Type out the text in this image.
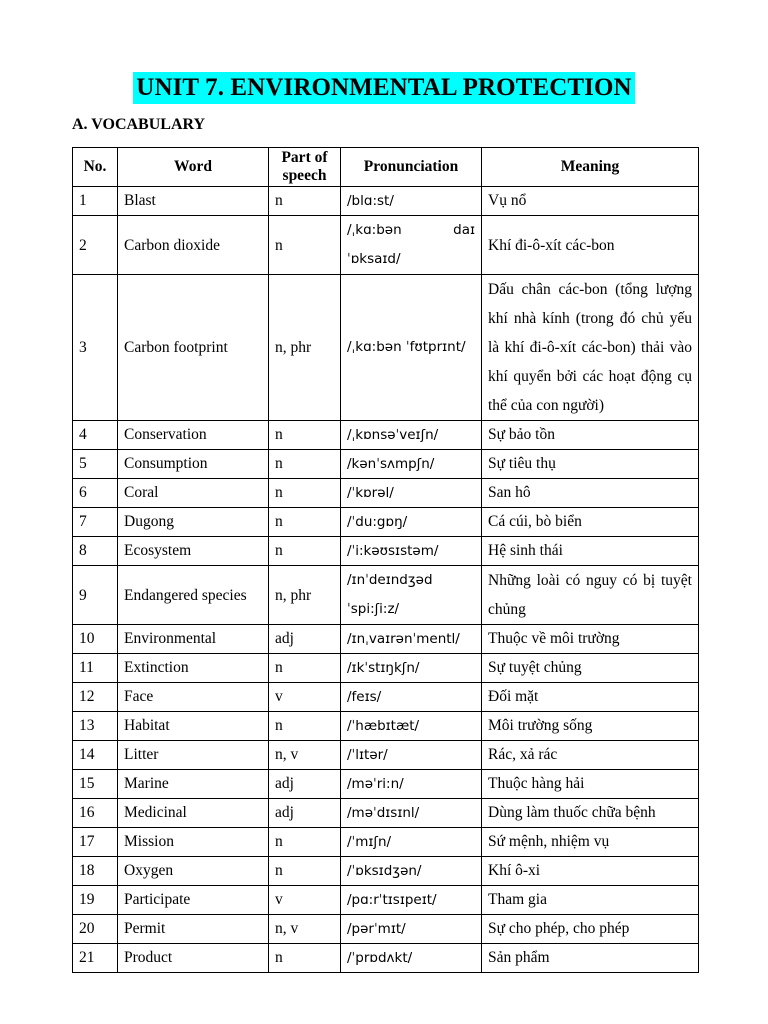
UNIT 7. ENVIRONMENTAL PROTECTION
A. VOCABULARY
No.	Word	Part of speech	Pronunciation	Meaning
1	Blast	n	/blɑ:st/	Vụ nổ
2	Carbon dioxide	n	/ˌkɑ:bən daɪ ˈɒksaɪd/	Khí đi-ô-xít các-bon
3	Carbon footprint	n, phr	/ˌkɑ:bən ˈfʊtprɪnt/	Dấu chân các-bon (tổng lượng khí nhà kính (trong đó chủ yếu là khí đi-ô-xít các-bon) thải vào khí quyển bởi các hoạt động cụ thể của con người)
4	Conservation	n	/ˌkɒnsəˈveɪʃn/	Sự bảo tồn
5	Consumption	n	/kənˈsʌmpʃn/	Sự tiêu thụ
6	Coral	n	/ˈkɒrəl/	San hô
7	Dugong	n	/ˈdu:gɒŋ/	Cá cúi, bò biển
8	Ecosystem	n	/ˈi:kəʊsɪstəm/	Hệ sinh thái
9	Endangered species	n, phr	/ɪnˈdeɪndʒəd ˈspi:ʃi:z/	Những loài có nguy có bị tuyệt chủng
10	Environmental	adj	/ɪnˌvaɪrənˈmentl/	Thuộc về môi trường
11	Extinction	n	/ɪkˈstɪŋkʃn/	Sự tuyệt chủng
12	Face	v	/feɪs/	Đối mặt
13	Habitat	n	/ˈhæbɪtæt/	Môi trường sống
14	Litter	n, v	/ˈlɪtər/	Rác, xả rác
15	Marine	adj	/məˈri:n/	Thuộc hàng hải
16	Medicinal	adj	/məˈdɪsɪnl/	Dùng làm thuốc chữa bệnh
17	Mission	n	/ˈmɪʃn/	Sứ mệnh, nhiệm vụ
18	Oxygen	n	/ˈɒksɪdʒən/	Khí ô-xi
19	Participate	v	/pɑ:rˈtɪsɪpeɪt/	Tham gia
20	Permit	n, v	/pərˈmɪt/	Sự cho phép, cho phép
21	Product	n	/ˈprɒdʌkt/	Sản phẩm
